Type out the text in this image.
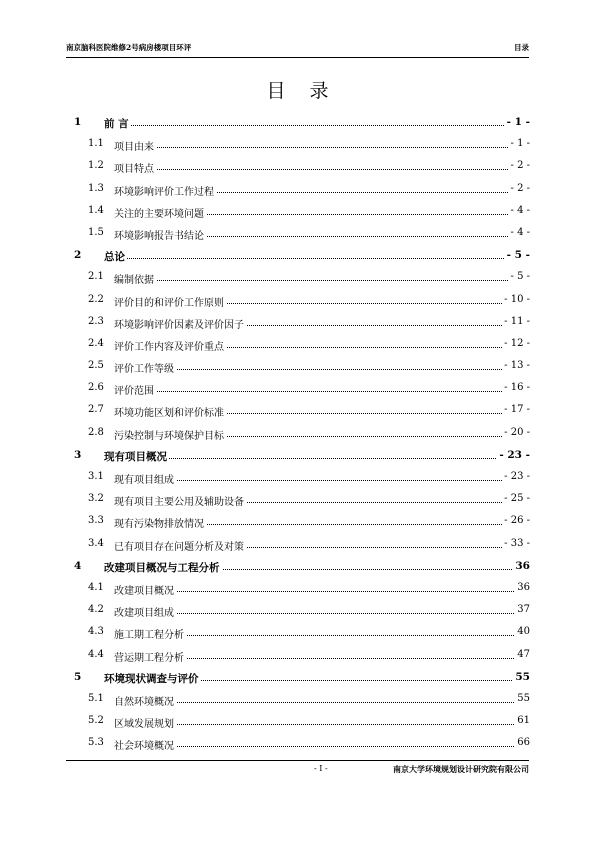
南京脑科医院维修2号病房楼项目环评	目录
目录
1 前 言	- 1 -
1.1 项目由来	- 1 -
1.2 项目特点	- 2 -
1.3 环境影响评价工作过程	- 2 -
1.4 关注的主要环境问题	- 4 -
1.5 环境影响报告书结论	- 4 -
2 总论	- 5 -
2.1 编制依据	- 5 -
2.2 评价目的和评价工作原则	- 10 -
2.3 环境影响评价因素及评价因子	- 11 -
2.4 评价工作内容及评价重点	- 12 -
2.5 评价工作等级	- 13 -
2.6 评价范围	- 16 -
2.7 环境功能区划和评价标准	- 17 -
2.8 污染控制与环境保护目标	- 20 -
3 现有项目概况	- 23 -
3.1 现有项目组成	- 23 -
3.2 现有项目主要公用及辅助设备	- 25 -
3.3 现有污染物排放情况	- 26 -
3.4 已有项目存在问题分析及对策	- 33 -
4 改建项目概况与工程分析	36
4.1 改建项目概况	36
4.2 改建项目组成	37
4.3 施工期工程分析	40
4.4 营运期工程分析	47
5 环境现状调查与评价	55
5.1 自然环境概况	55
5.2 区域发展规划	61
5.3 社会环境概况	66
- I -	南京大学环境规划设计研究院有限公司
